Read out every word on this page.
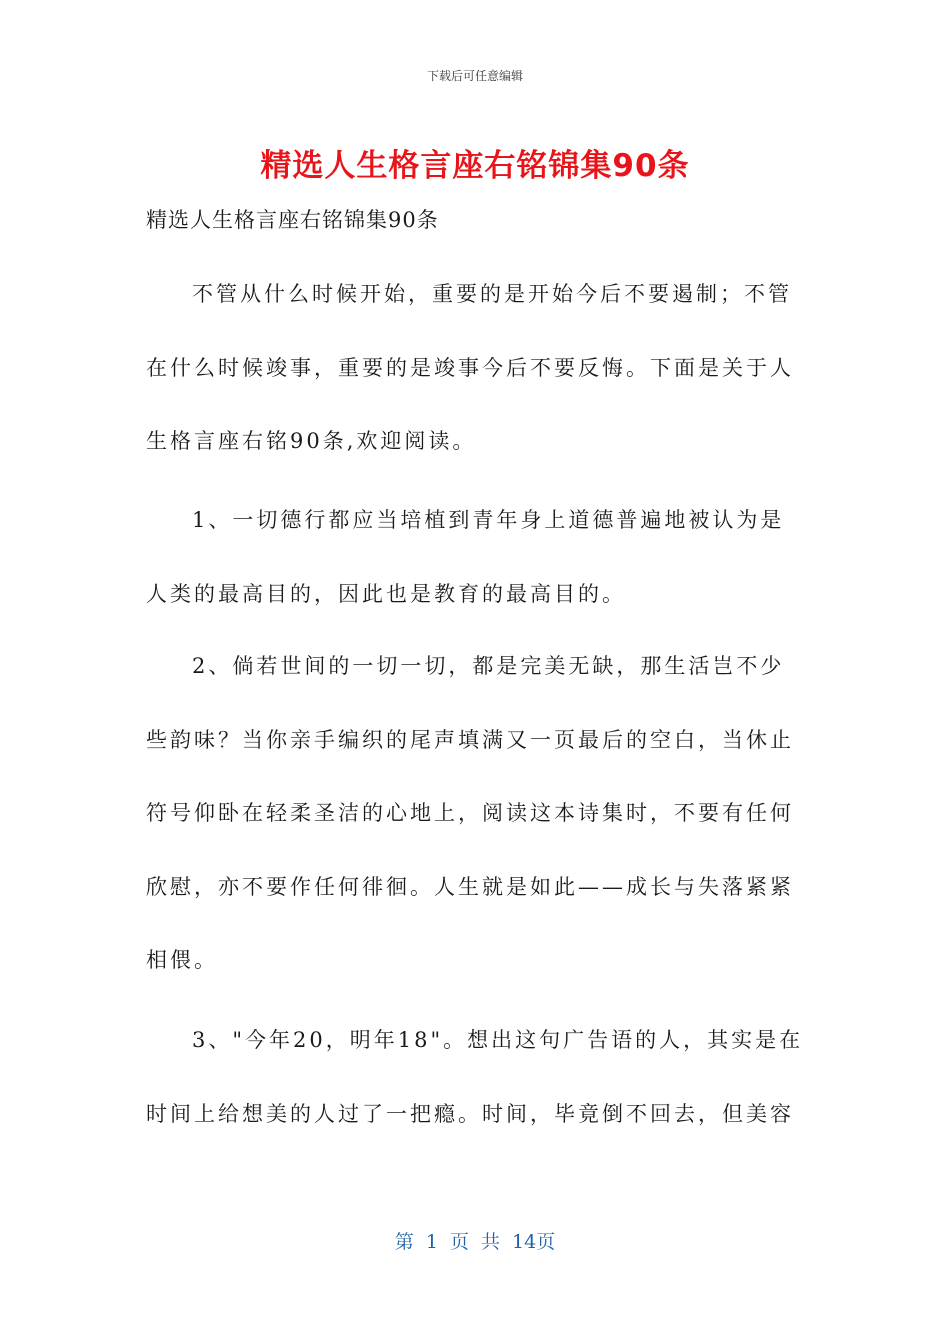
下载后可任意编辑
精选人生格言座右铭锦集90条
精选人生格言座右铭锦集90条

不管从什么时候开始，重要的是开始今后不要遏制；不管在什么时候竣事，重要的是竣事今后不要反悔。下面是关于人生格言座右铭90条,欢迎阅读。

1、一切德行都应当培植到青年身上道德普遍地被认为是人类的最高目的，因此也是教育的最高目的。

2、倘若世间的一切一切，都是完美无缺，那生活岂不少些韵味？当你亲手编织的尾声填满又一页最后的空白，当休止符号仰卧在轻柔圣洁的心地上，阅读这本诗集时，不要有任何欣慰，亦不要作任何徘徊。人生就是如此——成长与失落紧紧相偎。

3、"今年20，明年18"。想出这句广告语的人，其实是在时间上给想美的人过了一把瘾。时间，毕竟倒不回去，但美容

第 1 页 共 14页
